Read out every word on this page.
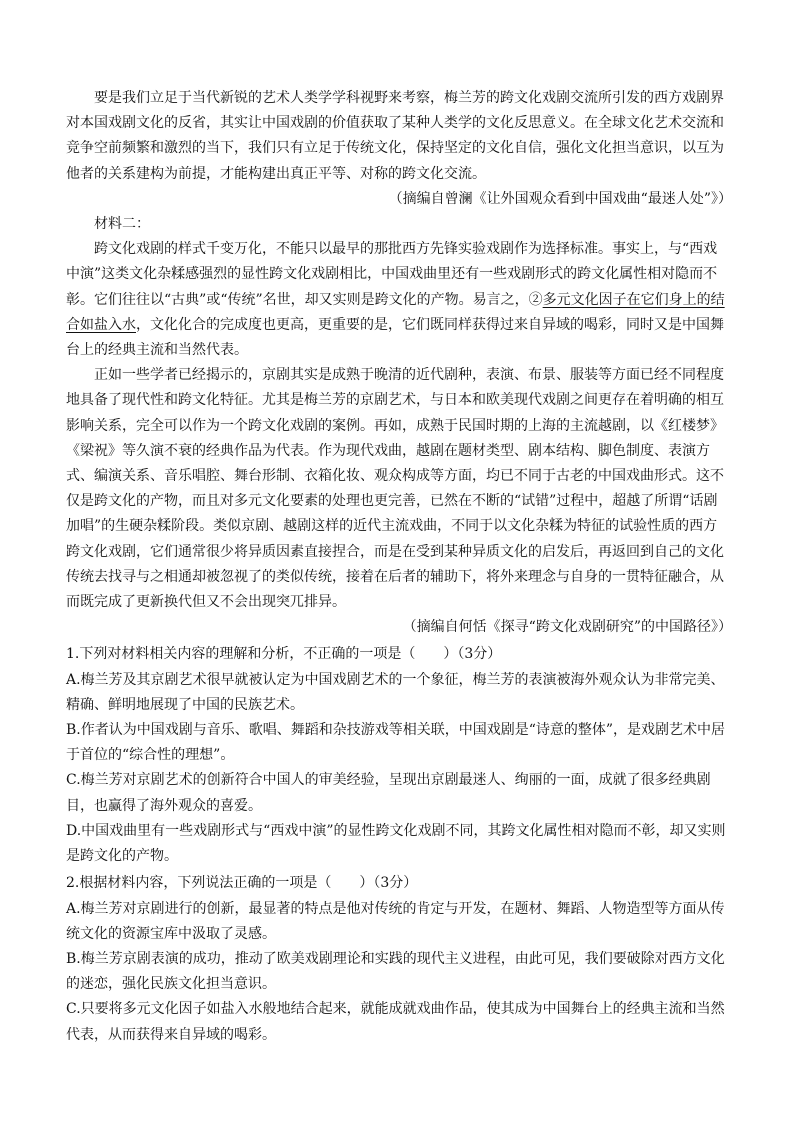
要是我们立足于当代新锐的艺术人类学学科视野来考察，梅兰芳的跨文化戏剧交流所引发的西方戏剧界对本国戏剧文化的反省，其实让中国戏剧的价值获取了某种人类学的文化反思意义。在全球文化艺术交流和竞争空前频繁和激烈的当下，我们只有立足于传统文化，保持坚定的文化自信，强化文化担当意识，以互为他者的关系建构为前提，才能构建出真正平等、对称的跨文化交流。

（摘编自曾澜《让外国观众看到中国戏曲“最迷人处”》）

材料二：

跨文化戏剧的样式千变万化，不能只以最早的那批西方先锋实验戏剧作为选择标准。事实上，与“西戏中演”这类文化杂糅感强烈的显性跨文化戏剧相比，中国戏曲里还有一些戏剧形式的跨文化属性相对隐而不彰。它们往往以“古典”或“传统”名世，却又实则是跨文化的产物。易言之，②多元文化因子在它们身上的结合如盐入水，文化化合的完成度也更高，更重要的是，它们既同样获得过来自异域的喝彩，同时又是中国舞台上的经典主流和当然代表。

正如一些学者已经揭示的，京剧其实是成熟于晚清的近代剧种，表演、布景、服装等方面已经不同程度地具备了现代性和跨文化特征。尤其是梅兰芳的京剧艺术，与日本和欧美现代戏剧之间更存在着明确的相互影响关系，完全可以作为一个跨文化戏剧的案例。再如，成熟于民国时期的上海的主流越剧，以《红楼梦》《梁祝》等久演不衰的经典作品为代表。作为现代戏曲，越剧在题材类型、剧本结构、脚色制度、表演方式、编演关系、音乐唱腔、舞台形制、衣箱化妆、观众构成等方面，均已不同于古老的中国戏曲形式。这不仅是跨文化的产物，而且对多元文化要素的处理也更完善，已然在不断的“试错”过程中，超越了所谓“话剧加唱”的生硬杂糅阶段。类似京剧、越剧这样的近代主流戏曲，不同于以文化杂糅为特征的试验性质的西方跨文化戏剧，它们通常很少将异质因素直接捏合，而是在受到某种异质文化的启发后，再返回到自己的文化传统去找寻与之相通却被忽视了的类似传统，接着在后者的辅助下，将外来理念与自身的一贯特征融合，从而既完成了更新换代但又不会出现突兀排异。

（摘编自何恬《探寻“跨文化戏剧研究”的中国路径》）

1.下列对材料相关内容的理解和分析，不正确的一项是（　　）（3分）

A.梅兰芳及其京剧艺术很早就被认定为中国戏剧艺术的一个象征，梅兰芳的表演被海外观众认为非常完美、精确、鲜明地展现了中国的民族艺术。

B.作者认为中国戏剧与音乐、歌唱、舞蹈和杂技游戏等相关联，中国戏剧是“诗意的整体”，是戏剧艺术中居于首位的“综合性的理想”。

C.梅兰芳对京剧艺术的创新符合中国人的审美经验，呈现出京剧最迷人、绚丽的一面，成就了很多经典剧目，也赢得了海外观众的喜爱。

D.中国戏曲里有一些戏剧形式与“西戏中演”的显性跨文化戏剧不同，其跨文化属性相对隐而不彰，却又实则是跨文化的产物。

2.根据材料内容，下列说法正确的一项是（　　）（3分）

A.梅兰芳对京剧进行的创新，最显著的特点是他对传统的肯定与开发，在题材、舞蹈、人物造型等方面从传统文化的资源宝库中汲取了灵感。

B.梅兰芳京剧表演的成功，推动了欧美戏剧理论和实践的现代主义进程，由此可见，我们要破除对西方文化的迷恋，强化民族文化担当意识。

C.只要将多元文化因子如盐入水般地结合起来，就能成就戏曲作品，使其成为中国舞台上的经典主流和当然代表，从而获得来自异域的喝彩。
